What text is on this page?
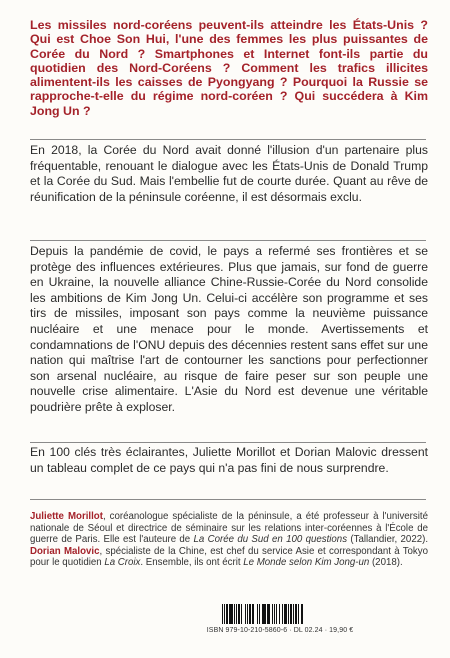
Les missiles nord-coréens peuvent-ils atteindre les États-Unis ? Qui est Choe Son Hui, l'une des femmes les plus puissantes de Corée du Nord ? Smartphones et Internet font-ils partie du quotidien des Nord-Coréens ? Comment les trafics illicites alimentent-ils les caisses de Pyongyang ? Pourquoi la Russie se rapproche-t-elle du régime nord-coréen ? Qui succédera à Kim Jong Un ?

En 2018, la Corée du Nord avait donné l'illusion d'un partenaire plus fréquentable, renouant le dialogue avec les États-Unis de Donald Trump et la Corée du Sud. Mais l'embellie fut de courte durée. Quant au rêve de réunification de la péninsule coréenne, il est désormais exclu.

Depuis la pandémie de covid, le pays a refermé ses frontières et se protège des influences extérieures. Plus que jamais, sur fond de guerre en Ukraine, la nouvelle alliance Chine-Russie-Corée du Nord consolide les ambitions de Kim Jong Un. Celui-ci accélère son programme et ses tirs de missiles, imposant son pays comme la neuvième puissance nucléaire et une menace pour le monde. Avertissements et condamnations de l'ONU depuis des décennies restent sans effet sur une nation qui maîtrise l'art de contourner les sanctions pour perfectionner son arsenal nucléaire, au risque de faire peser sur son peuple une nouvelle crise alimentaire. L'Asie du Nord est devenue une véritable poudrière prête à exploser.

En 100 clés très éclairantes, Juliette Morillot et Dorian Malovic dressent un tableau complet de ce pays qui n'a pas fini de nous surprendre.

Juliette Morillot, coréanologue spécialiste de la péninsule, a été professeur à l'université nationale de Séoul et directrice de séminaire sur les relations inter-coréennes à l'École de guerre de Paris. Elle est l'auteure de La Corée du Sud en 100 questions (Tallandier, 2022). Dorian Malovic, spécialiste de la Chine, est chef du service Asie et correspondant à Tokyo pour le quotidien La Croix. Ensemble, ils ont écrit Le Monde selon Kim Jong-un (2018).

ISBN 979-10-210-5860-6 · DL 02.24 · 19,90 €
